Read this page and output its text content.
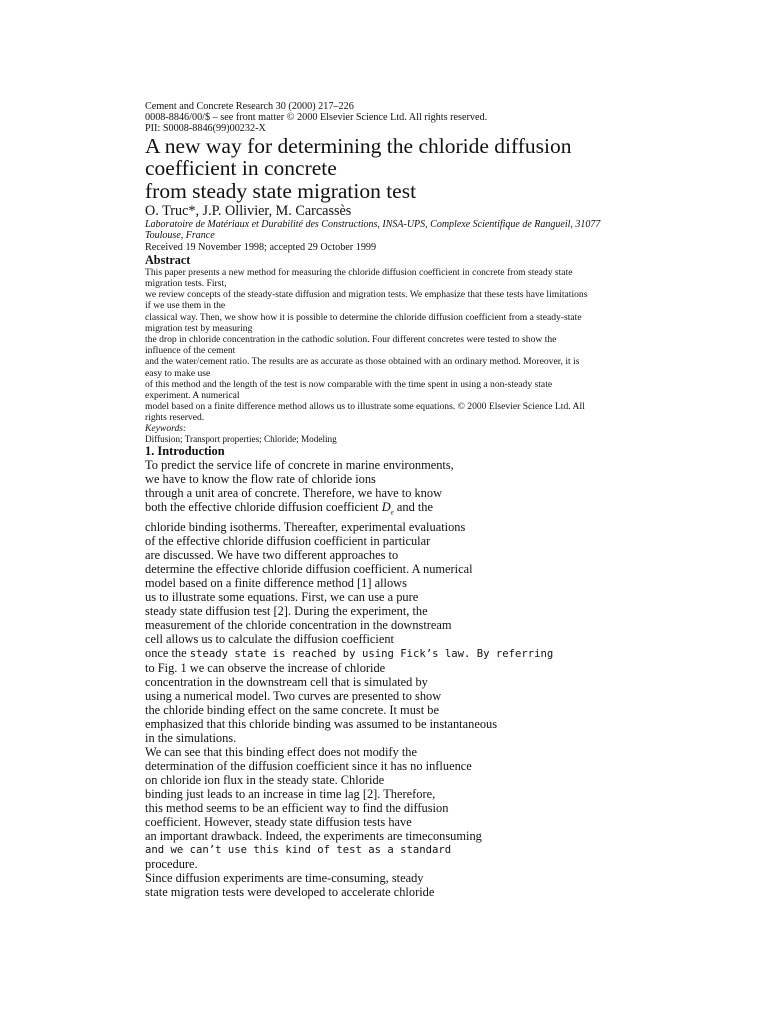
Cement and Concrete Research 30 (2000) 217–226
0008-8846/00/$ – see front matter © 2000 Elsevier Science Ltd. All rights reserved.
PII: S0008-8846(99)00232-X
A new way for determining the chloride diffusion
coefficient in concrete
from steady state migration test
O. Truc*, J.P. Ollivier, M. Carcassès
Laboratoire de Matériaux et Durabilité des Constructions, INSA-UPS, Complexe Scientifique de Rangueil, 31077
Toulouse, France
Received 19 November 1998; accepted 29 October 1999
Abstract
This paper presents a new method for measuring the chloride diffusion coefficient in concrete from steady state
migration tests. First,
we review concepts of the steady-state diffusion and migration tests. We emphasize that these tests have limitations
if we use them in the
classical way. Then, we show how it is possible to determine the chloride diffusion coefficient from a steady-state
migration test by measuring
the drop in chloride concentration in the cathodic solution. Four different concretes were tested to show the
influence of the cement
and the water/cement ratio. The results are as accurate as those obtained with an ordinary method. Moreover, it is
easy to make use
of this method and the length of the test is now comparable with the time spent in using a non-steady state
experiment. A numerical
model based on a finite difference method allows us to illustrate some equations. © 2000 Elsevier Science Ltd. All
rights reserved.
Keywords:
Diffusion; Transport properties; Chloride; Modeling
1. Introduction
To predict the service life of concrete in marine environments,
we have to know the flow rate of chloride ions
through a unit area of concrete. Therefore, we have to know
both the effective chloride diffusion coefficient $D_e$ and the
chloride binding isotherms. Thereafter, experimental evaluations
of the effective chloride diffusion coefficient in particular
are discussed. We have two different approaches to
determine the effective chloride diffusion coefficient. A numerical
model based on a finite difference method [1] allows
us to illustrate some equations. First, we can use a pure
steady state diffusion test [2]. During the experiment, the
measurement of the chloride concentration in the downstream
cell allows us to calculate the diffusion coefficient
once the steady state is reached by using Fick’s law. By referring
to Fig. 1 we can observe the increase of chloride
concentration in the downstream cell that is simulated by
using a numerical model. Two curves are presented to show
the chloride binding effect on the same concrete. It must be
emphasized that this chloride binding was assumed to be instantaneous
in the simulations.
We can see that this binding effect does not modify the
determination of the diffusion coefficient since it has no influence
on chloride ion flux in the steady state. Chloride
binding just leads to an increase in time lag [2]. Therefore,
this method seems to be an efficient way to find the diffusion
coefficient. However, steady state diffusion tests have
an important drawback. Indeed, the experiments are timeconsuming
and we can’t use this kind of test as a standard
procedure.
Since diffusion experiments are time-consuming, steady
state migration tests were developed to accelerate chloride
